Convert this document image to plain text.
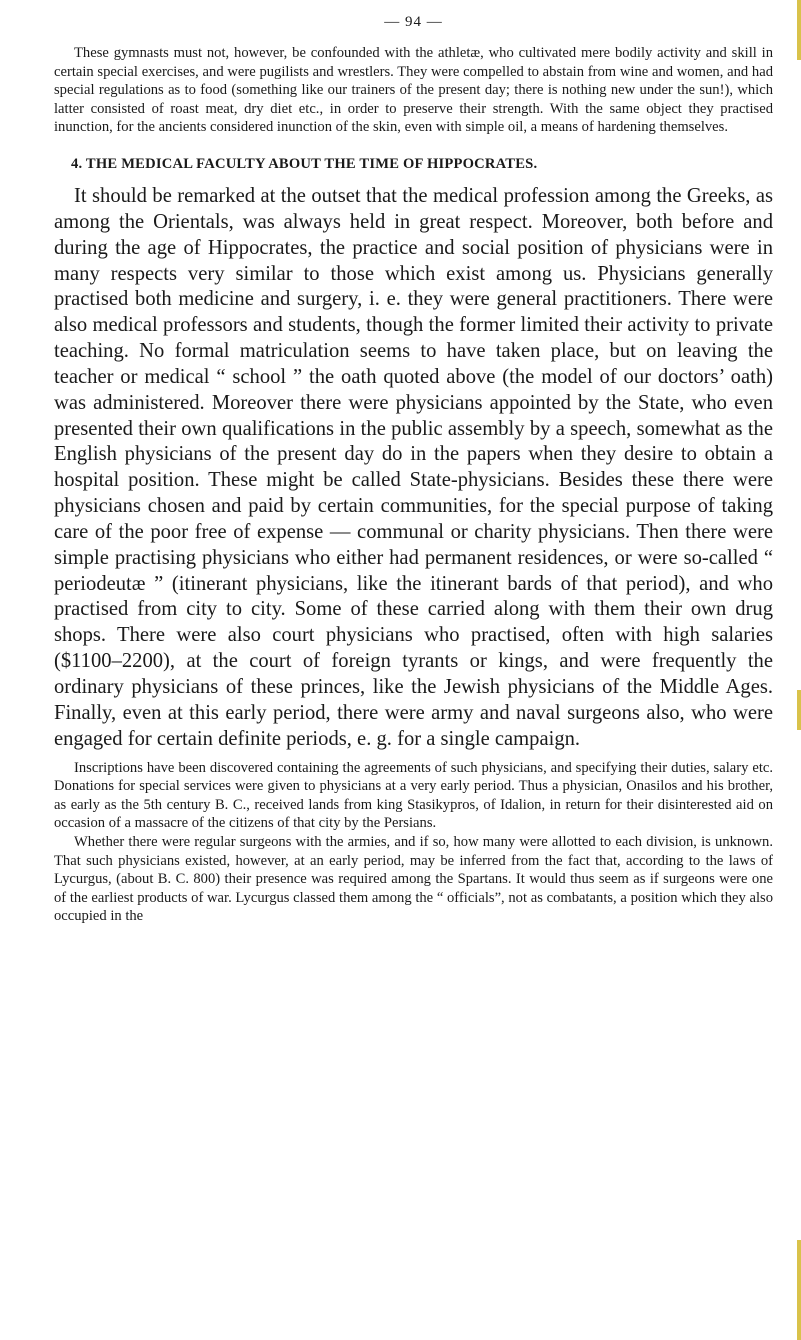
— 94 —

These gymnasts must not, however, be confounded with the athletæ, who cultivated mere bodily activity and skill in certain special exercises, and were pugilists and wrestlers. They were compelled to abstain from wine and women, and had special regulations as to food (something like our trainers of the present day; there is nothing new under the sun!), which latter consisted of roast meat, dry diet etc., in order to preserve their strength. With the same object they practised inunction, for the ancients considered inunction of the skin, even with simple oil, a means of hardening themselves.

4. THE MEDICAL FACULTY ABOUT THE TIME OF HIPPOCRATES.

It should be remarked at the outset that the medical profession among the Greeks, as among the Orientals, was always held in great respect. Moreover, both before and during the age of Hippocrates, the practice and social position of physicians were in many respects very similar to those which exist among us. Physicians generally practised both medicine and surgery, i. e. they were general practitioners. There were also medical professors and students, though the former limited their activity to private teaching. No formal matriculation seems to have taken place, but on leaving the teacher or medical “ school ” the oath quoted above (the model of our doctors’ oath) was administered. Moreover there were physicians appointed by the State, who even presented their own qualifications in the public assembly by a speech, somewhat as the English physicians of the present day do in the papers when they desire to obtain a hospital position. These might be called State-physicians. Besides these there were physicians chosen and paid by certain communities, for the special purpose of taking care of the poor free of expense — communal or charity physicians. Then there were simple practising physicians who either had permanent residences, or were so-called “ periodeutæ ” (itinerant physicians, like the itinerant bards of that period), and who practised from city to city. Some of these carried along with them their own drug shops. There were also court physicians who practised, often with high salaries ($1100–2200), at the court of foreign tyrants or kings, and were frequently the ordinary physicians of these princes, like the Jewish physicians of the Middle Ages. Finally, even at this early period, there were army and naval surgeons also, who were engaged for certain definite periods, e. g. for a single campaign.

Inscriptions have been discovered containing the agreements of such physicians, and specifying their duties, salary etc. Donations for special services were given to physicians at a very early period. Thus a physician, Onasilos and his brother, as early as the 5th century B. C., received lands from king Stasikypros, of Idalion, in return for their disinterested aid on occasion of a massacre of the citizens of that city by the Persians.

Whether there were regular surgeons with the armies, and if so, how many were allotted to each division, is unknown. That such physicians existed, however, at an early period, may be inferred from the fact that, according to the laws of Lycurgus, (about B. C. 800) their presence was required among the Spartans. It would thus seem as if surgeons were one of the earliest products of war. Lycurgus classed them among the “ officials”, not as combatants, a position which they also occupied in the
